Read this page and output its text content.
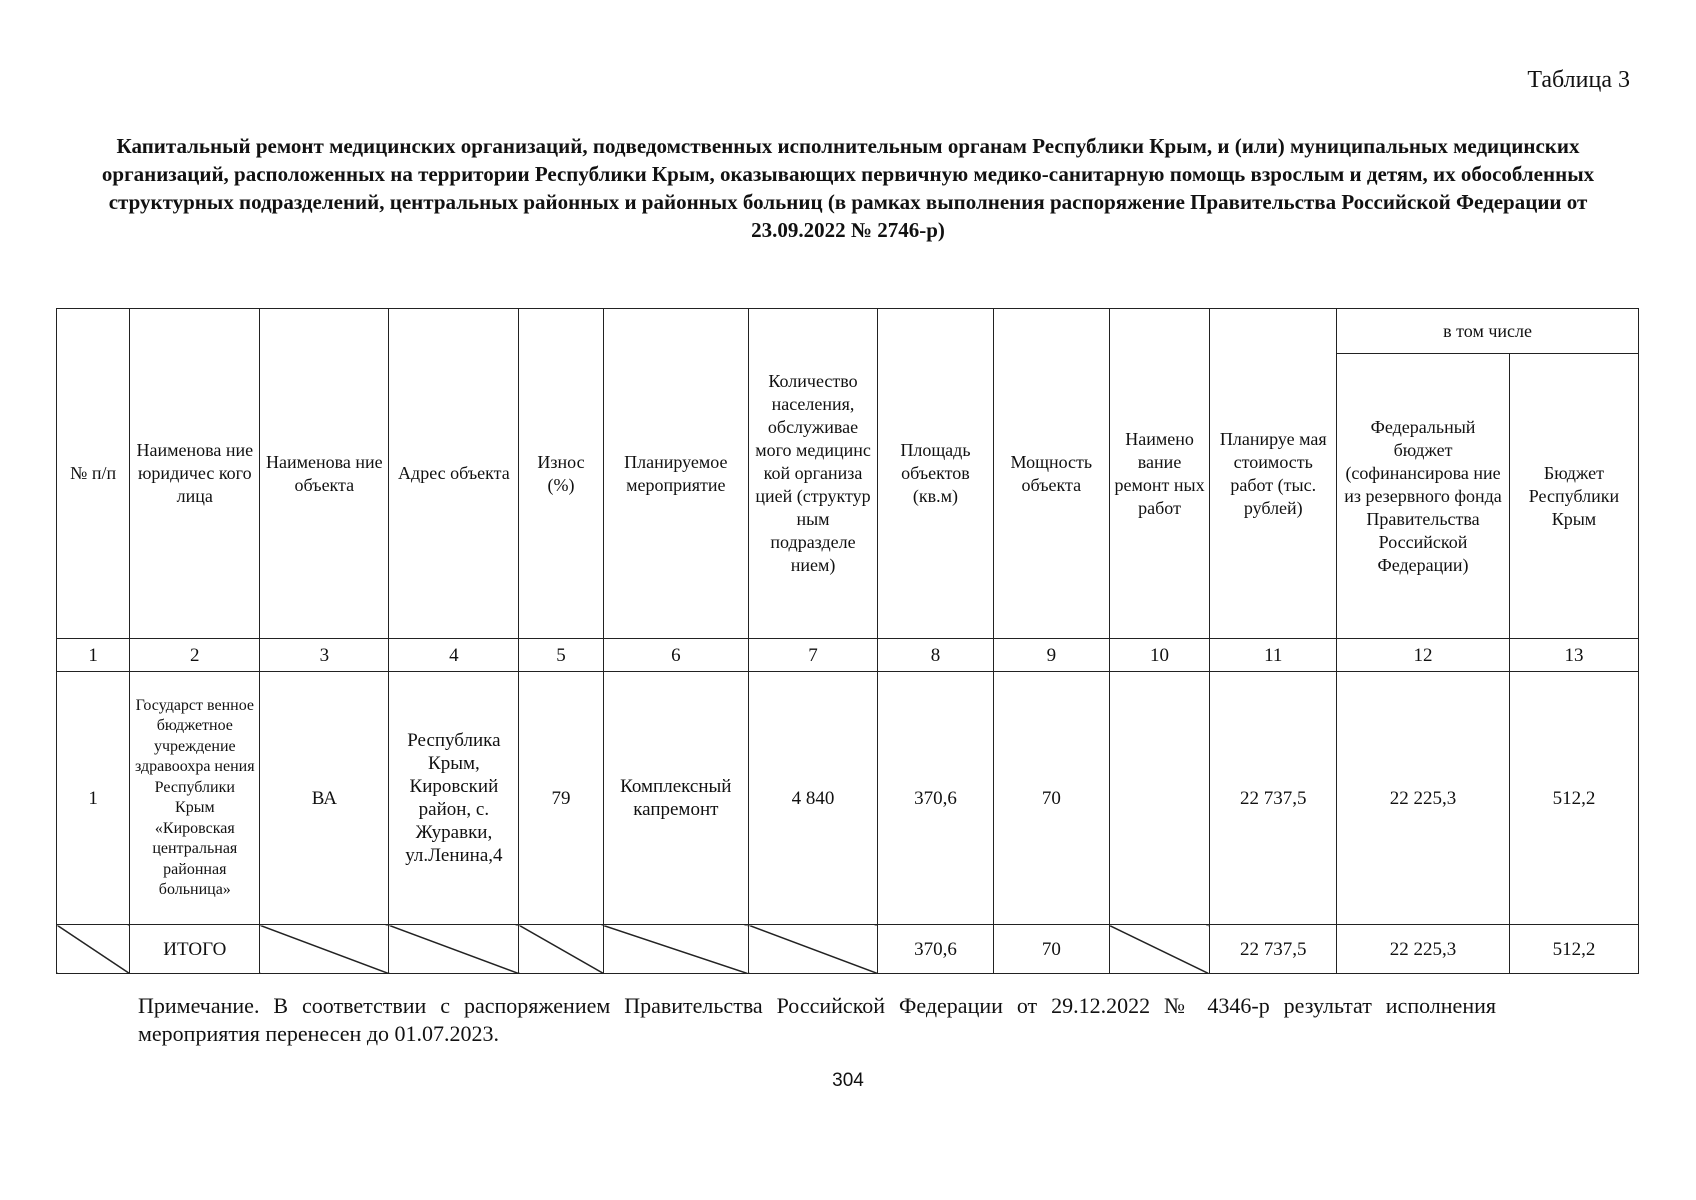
Таблица 3
Капитальный ремонт медицинских организаций, подведомственных исполнительным органам Республики Крым, и (или) муниципальных медицинских организаций, расположенных на территории Республики Крым, оказывающих первичную медико-санитарную помощь взрослым и детям, их обособленных структурных подразделений, центральных районных и районных больниц (в рамках выполнения распоряжение Правительства Российской Федерации от 23.09.2022 № 2746-р)
№ п/п	Наименова ние юридичес кого лица	Наименова ние объекта	Адрес объекта	Износ (%)	Планируемое мероприятие	Количество населения, обслуживае мого медицинс кой организа цией (структур ным подразделе нием)	Площадь объектов (кв.м)	Мощность объекта	Наимено вание ремонт ных работ	Планируе мая стоимость работ (тыс. рублей)	в том числе	
											Федеральный бюджет (софинансирова ние из резервного фонда Правительства Российской Федерации)	Бюджет Республики Крым
1	2	3	4	5	6	7	8	9	10	11	12	13
1	Государст венное бюджетное учреждение здравоохра нения Республики Крым «Кировская центральная районная больница»	ВА	Республика Крым, Кировский район, с. Журавки, ул.Ленина,4	79	Комплексный капремонт	4 840	370,6	70		22 737,5	22 225,3	512,2
	ИТОГО						370,6	70		22 737,5	22 225,3	512,2
Примечание. В соответствии с распоряжением Правительства Российской Федерации от 29.12.2022 № 4346-р результат исполнения мероприятия перенесен до 01.07.2023.
304
